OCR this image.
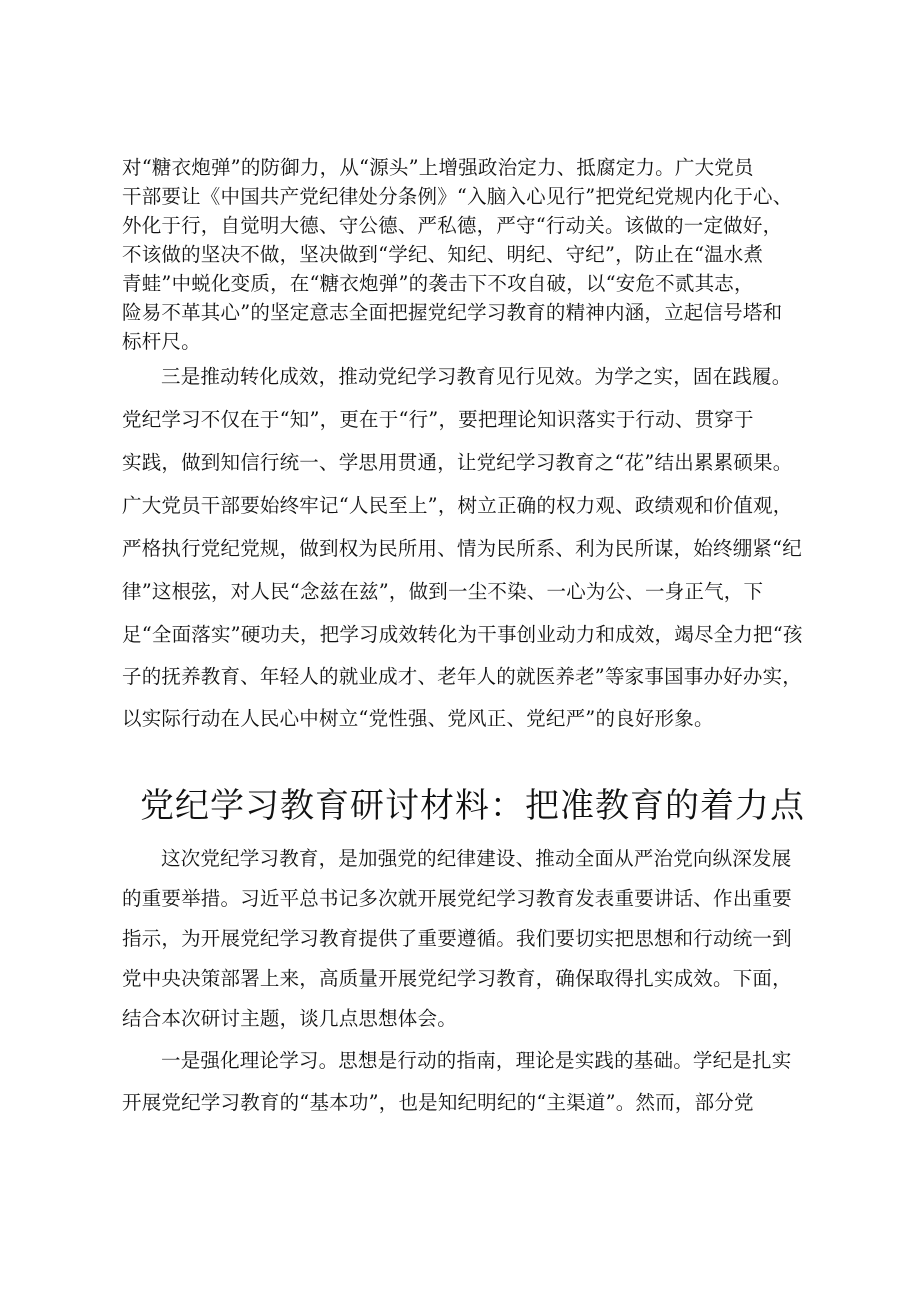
对“糖衣炮弹”的防御力，从“源头”上增强政治定力、抵腐定力。广大党员

干部要让《中国共产党纪律处分条例》“入脑入心见行”把党纪党规内化于心、

外化于行，自觉明大德、守公德、严私德，严守“行动关。该做的一定做好，

不该做的坚决不做，坚决做到“学纪、知纪、明纪、守纪”，防止在“温水煮

青蛙”中蜕化变质，在“糖衣炮弹”的袭击下不攻自破，以“安危不贰其志，

险易不革其心”的坚定意志全面把握党纪学习教育的精神内涵，立起信号塔和

标杆尺。

三是推动转化成效，推动党纪学习教育见行见效。为学之实，固在践履。

党纪学习不仅在于“知”，更在于“行”，要把理论知识落实于行动、贯穿于

实践，做到知信行统一、学思用贯通，让党纪学习教育之“花”结出累累硕果。

广大党员干部要始终牢记“人民至上”，树立正确的权力观、政绩观和价值观，

严格执行党纪党规，做到权为民所用、情为民所系、利为民所谋，始终绷紧“纪

律”这根弦，对人民“念兹在兹”，做到一尘不染、一心为公、一身正气，下

足“全面落实”硬功夫，把学习成效转化为干事创业动力和成效，竭尽全力把“孩

子的抚养教育、年轻人的就业成才、老年人的就医养老”等家事国事办好办实，

以实际行动在人民心中树立“党性强、党风正、党纪严”的良好形象。

党纪学习教育研讨材料：把准教育的着力点

这次党纪学习教育，是加强党的纪律建设、推动全面从严治党向纵深发展

的重要举措。习近平总书记多次就开展党纪学习教育发表重要讲话、作出重要

指示，为开展党纪学习教育提供了重要遵循。我们要切实把思想和行动统一到

党中央决策部署上来，高质量开展党纪学习教育，确保取得扎实成效。下面，

结合本次研讨主题，谈几点思想体会。

一是强化理论学习。思想是行动的指南，理论是实践的基础。学纪是扎实

开展党纪学习教育的“基本功”，也是知纪明纪的“主渠道”。然而，部分党
